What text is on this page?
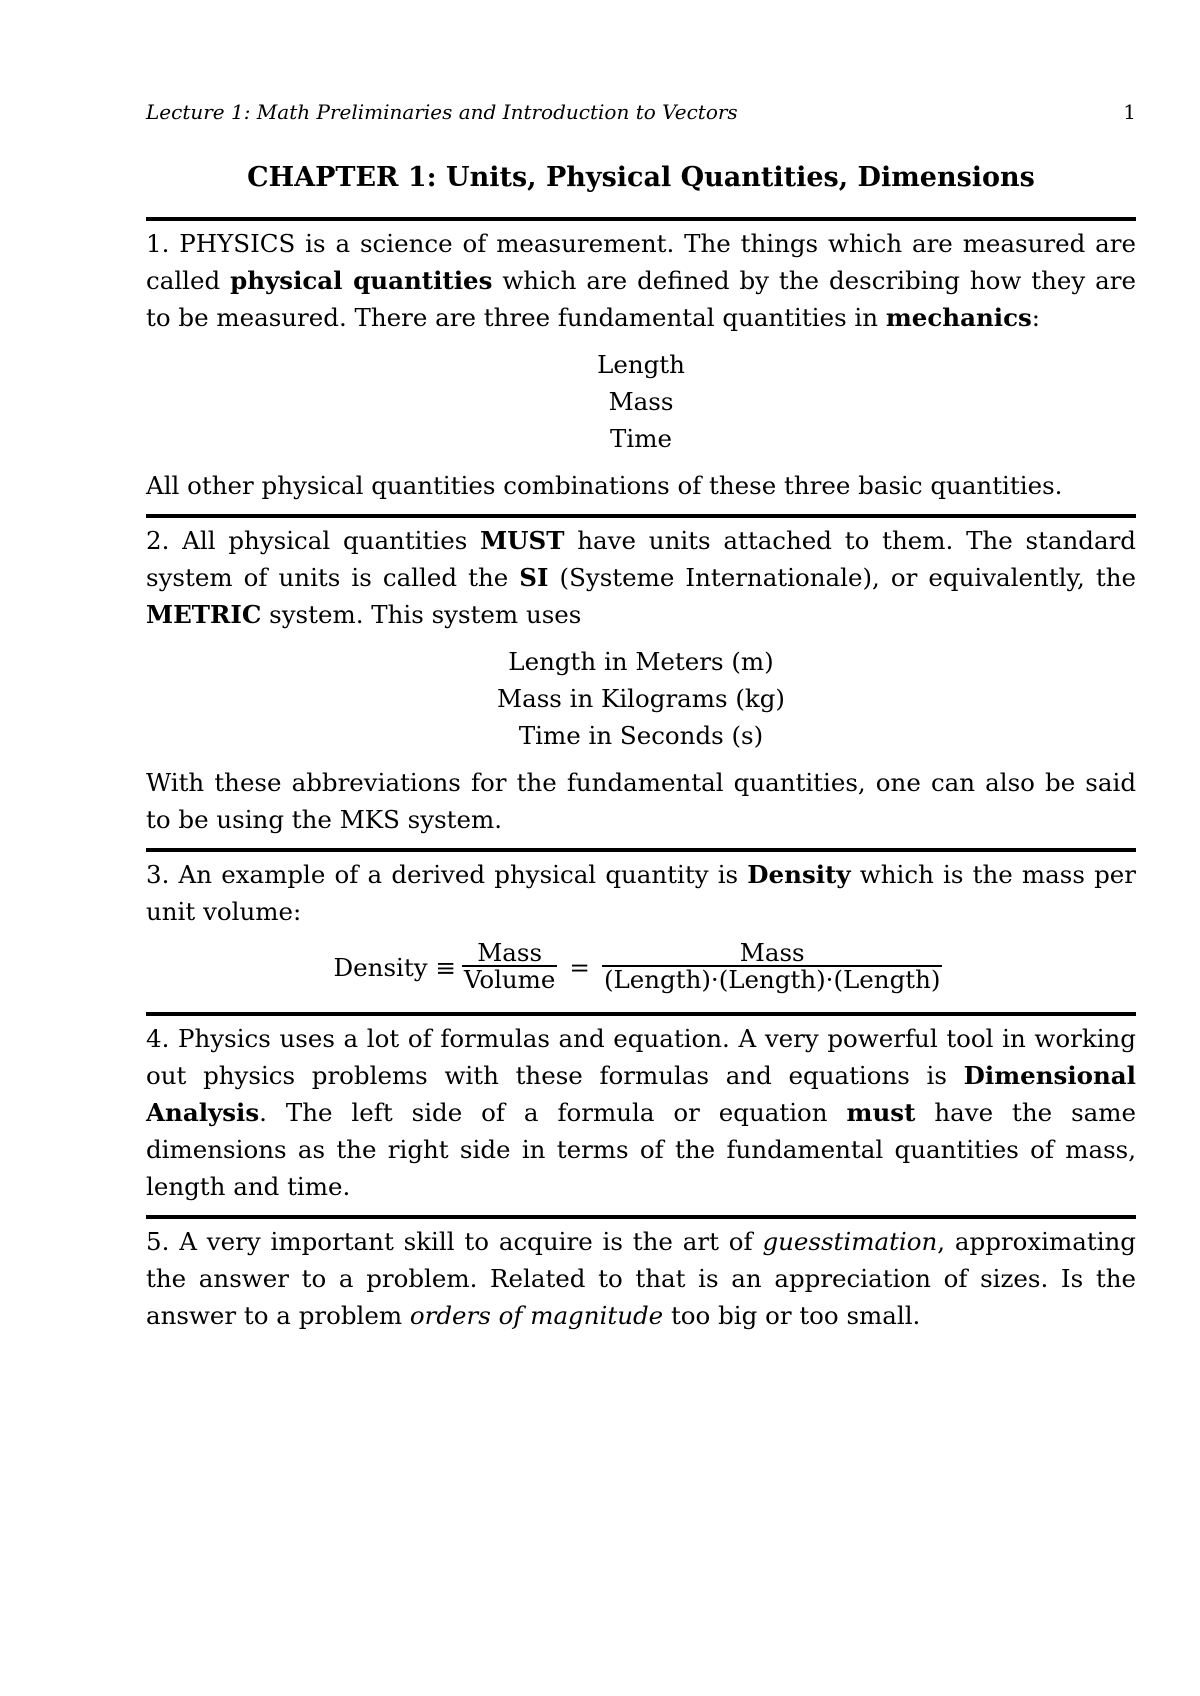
Lecture 1: Math Preliminaries and Introduction to Vectors	1
CHAPTER 1: Units, Physical Quantities, Dimensions

1. PHYSICS is a science of measurement. The things which are measured are called physical quantities which are defined by the describing how they are to be measured. There are three fundamental quantities in mechanics:

Length
Mass
Time

All other physical quantities combinations of these three basic quantities.

2. All physical quantities MUST have units attached to them. The standard system of units is called the SI (Systeme Internationale), or equivalently, the METRIC system. This system uses

Length in Meters (m)
Mass in Kilograms (kg)
Time in Seconds (s)

With these abbreviations for the fundamental quantities, one can also be said to be using the MKS system.

3. An example of a derived physical quantity is Density which is the mass per unit volume:

Density ≡ $\frac{\text{Mass}}{\text{Volume}} = \frac{\text{Mass}}{\text{(Length)·(Length)·(Length)}}$

4. Physics uses a lot of formulas and equation. A very powerful tool in working out physics problems with these formulas and equations is Dimensional Analysis. The left side of a formula or equation must have the same dimensions as the right side in terms of the fundamental quantities of mass, length and time.

5. A very important skill to acquire is the art of guesstimation, approximating the answer to a problem. Related to that is an appreciation of sizes. Is the answer to a problem orders of magnitude too big or too small.
